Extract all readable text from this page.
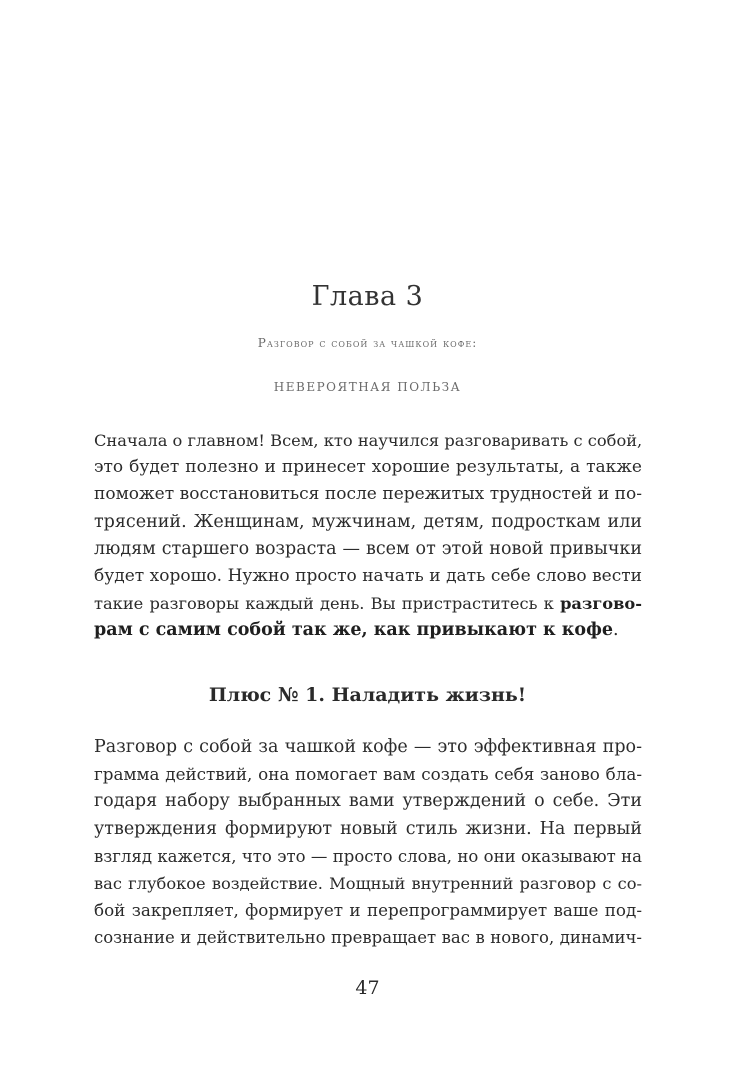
Глава 3
Разговор с собой за чашкой кофе:
НЕВЕРОЯТНАЯ ПОЛЬЗА
Сначала о главном! Всем, кто научился разговаривать с собой,
это будет полезно и принесет хорошие результаты, а также
поможет восстановиться после пережитых трудностей и по-
трясений. Женщинам, мужчинам, детям, подросткам или
людям старшего возраста — всем от этой новой привычки
будет хорошо. Нужно просто начать и дать себе слово вести
такие разговоры каждый день. Вы пристраститесь к разгово-
рам с самим собой так же, как привыкают к кофе.
Плюс № 1. Наладить жизнь!
Разговор с собой за чашкой кофе — это эффективная про-
грамма действий, она помогает вам создать себя заново бла-
годаря набору выбранных вами утверждений о себе. Эти
утверждения формируют новый стиль жизни. На первый
взгляд кажется, что это — просто слова, но они оказывают на
вас глубокое воздействие. Мощный внутренний разговор с со-
бой закрепляет, формирует и перепрограммирует ваше под-
сознание и действительно превращает вас в нового, динамич-
47
